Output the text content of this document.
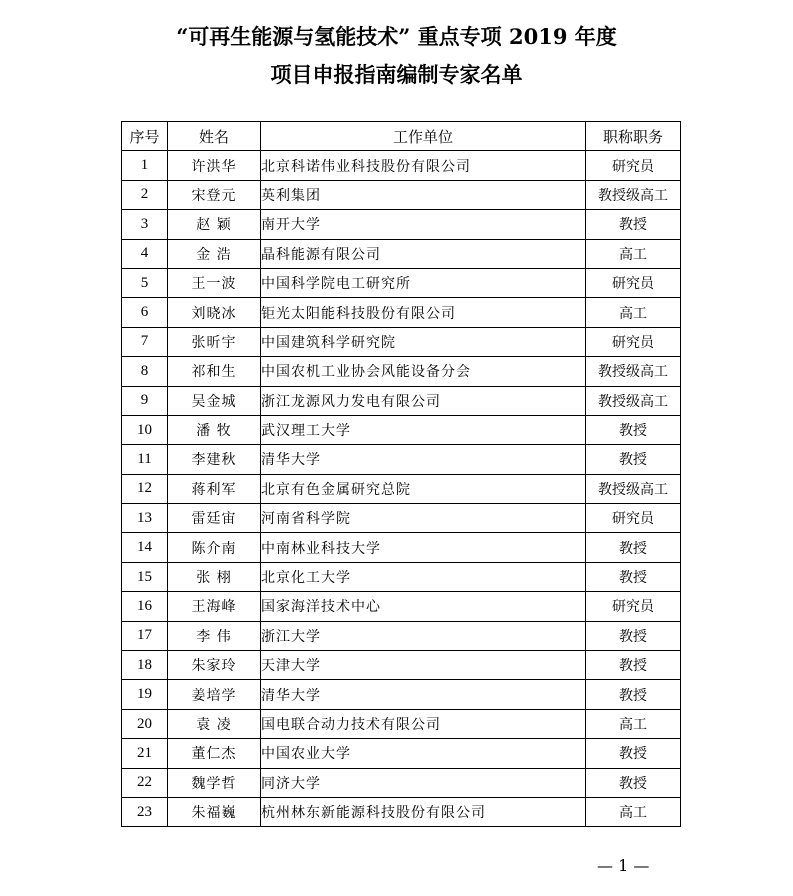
“可再生能源与氢能技术” 重点专项 2019 年度
项目申报指南编制专家名单
序号	姓名	工作单位	职称职务
1	许洪华	北京科诺伟业科技股份有限公司	研究员
2	宋登元	英利集团	教授级高工
3	赵 颖	南开大学	教授
4	金 浩	晶科能源有限公司	高工
5	王一波	中国科学院电工研究所	研究员
6	刘晓冰	钜光太阳能科技股份有限公司	高工
7	张昕宇	中国建筑科学研究院	研究员
8	祁和生	中国农机工业协会风能设备分会	教授级高工
9	吴金城	浙江龙源风力发电有限公司	教授级高工
10	潘 牧	武汉理工大学	教授
11	李建秋	清华大学	教授
12	蒋利军	北京有色金属研究总院	教授级高工
13	雷廷宙	河南省科学院	研究员
14	陈介南	中南林业科技大学	教授
15	张 栩	北京化工大学	教授
16	王海峰	国家海洋技术中心	研究员
17	李 伟	浙江大学	教授
18	朱家玲	天津大学	教授
19	姜培学	清华大学	教授
20	袁 凌	国电联合动力技术有限公司	高工
21	董仁杰	中国农业大学	教授
22	魏学哲	同济大学	教授
23	朱福巍	杭州林东新能源科技股份有限公司	高工
— 1 —
